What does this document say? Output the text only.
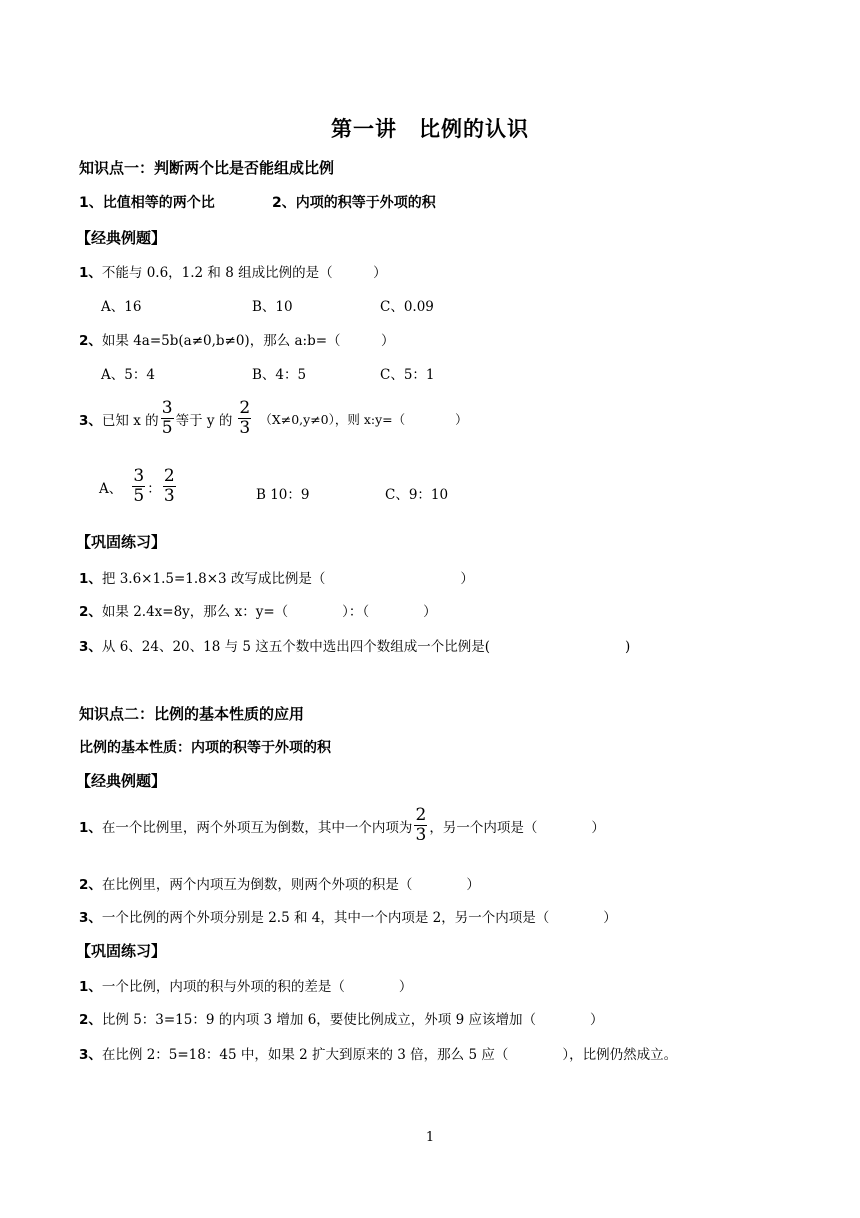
第一讲　比例的认识
知识点一：判断两个比是否能组成比例
1、比值相等的两个比	2、内项的积等于外项的积
【经典例题】
1、不能与 0.6，1.2 和 8 组成比例的是（　　　）
A、16	B、10	C、0.09
2、如果 4a=5b(a≠0,b≠0)，那么 a:b=（　　　）
A、5：4	B、4：5	C、5：1
3、 已知 x 的 $\frac{3}{5}$ 等于 y 的 $\frac{2}{3} (X\ne 0,y\ne 0)$，则 x:y=（　　　　）
A、 $\frac{3}{5}$ ： $\frac{2}{3}$	B 10：9	C、9：10
【巩固练习】
1、把 3.6×1.5=1.8×3 改写成比例是（　　　　　　　　　　）
2、如果 2.4x=8y，那么 x：y=（　　　　）：（　　　　）
3、从 6、24、20、18 与 5 这五个数中选出四个数组成一个比例是(　　　　　　　　　　)
知识点二：比例的基本性质的应用
比例的基本性质：内项的积等于外项的积
【经典例题】
1、 在一个比例里，两个外项互为倒数，其中一个内项为 $\frac{2}{3}$ ，另一个内项是（　　　　）
2、在比例里，两个内项互为倒数，则两个外项的积是（　　　　）
3、一个比例的两个外项分别是 2.5 和 4，其中一个内项是 2，另一个内项是（　　　　）
【巩固练习】
1、一个比例，内项的积与外项的积的差是（　　　　）
2、比例 5：3=15：9 的内项 3 增加 6，要使比例成立，外项 9 应该增加（　　　　）
3、在比例 2：5=18：45 中，如果 2 扩大到原来的 3 倍，那么 5 应（　　　　），比例仍然成立。
1
